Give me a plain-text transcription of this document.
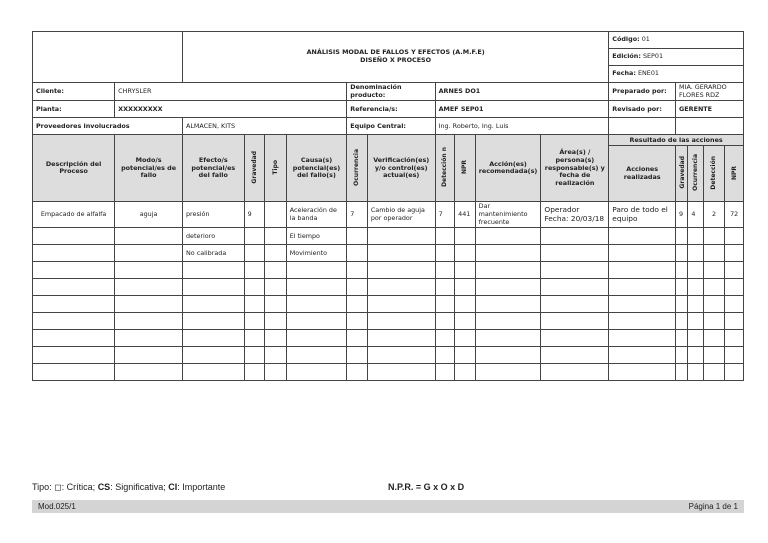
		ANÁLISIS MODAL DE FALLOS Y EFECTOS (A.M.F.E)
DISEÑO X PROCESO										Código: 01				
												Edición: SEP01				
												Fecha: ENE01				
Cliente:	CHRYSLER					Denominación producto:		ARNES DO1				Preparado por:	MIA. GERARDO FLORES RDZ			
Planta:	XXXXXXXXX					Referencia/s:		AMEF SEP01				Revisado por:	GERENTE			
Proveedores involucrados		ALMACEN, KITS				Equipo Central:		Ing. Roberto, Ing. Luis								
Descripción del Proceso	Modo/s potencial/es de fallo	Efecto/s potencial/es del fallo	Gravedad	Tipo	Causa(s) potencial(es) del fallo(s)	Ocurrencia	Verificación(es) y/o control(es) actual(es)	Detección n	NPR	Acción(es) recomendada(s)	Área(s) / persona(s) responsable(s) y fecha de realización	Resultado de las acciones				
												Acciones realizadas	Gravedad	Ocurrencia	Detección	NPR
Empacado de alfalfa	aguja	presión	9		Aceleración de la banda	7	Cambio de aguja por operador	7	441	Dar mantenimiento frecuente	Operador Fecha: 20/03/18	Paro de todo el equipo	9	4	2	72
		deterioro			El tiempo											
		No calibrada			Movimiento											

Tipo: ◻: Crítica; CS: Significativa; CI: Importante	N.P.R. = G x O x D
Mod.025/1	Página 1 de 1
